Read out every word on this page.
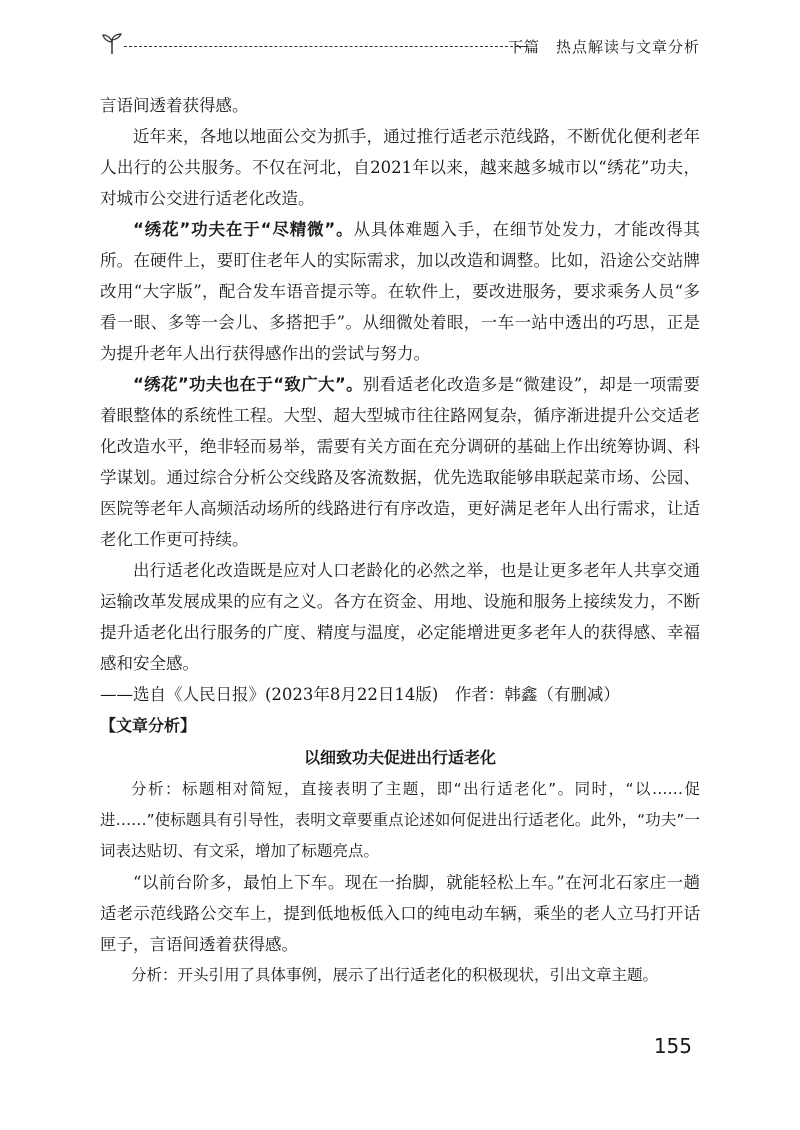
下篇　热点解读与文章分析

言语间透着获得感。

近年来，各地以地面公交为抓手，通过推行适老示范线路，不断优化便利老年人出行的公共服务。不仅在河北，自2021年以来，越来越多城市以“绣花”功夫，对城市公交进行适老化改造。

“绣花”功夫在于“尽精微”。从具体难题入手，在细节处发力，才能改得其所。在硬件上，要盯住老年人的实际需求，加以改造和调整。比如，沿途公交站牌改用“大字版”，配合发车语音提示等。在软件上，要改进服务，要求乘务人员“多看一眼、多等一会儿、多搭把手”。从细微处着眼，一车一站中透出的巧思，正是为提升老年人出行获得感作出的尝试与努力。

“绣花”功夫也在于“致广大”。别看适老化改造多是“微建设”，却是一项需要着眼整体的系统性工程。大型、超大型城市往往路网复杂，循序渐进提升公交适老化改造水平，绝非轻而易举，需要有关方面在充分调研的基础上作出统筹协调、科学谋划。通过综合分析公交线路及客流数据，优先选取能够串联起菜市场、公园、医院等老年人高频活动场所的线路进行有序改造，更好满足老年人出行需求，让适老化工作更可持续。

出行适老化改造既是应对人口老龄化的必然之举，也是让更多老年人共享交通运输改革发展成果的应有之义。各方在资金、用地、设施和服务上接续发力，不断提升适老化出行服务的广度、精度与温度，必定能增进更多老年人的获得感、幸福感和安全感。

——选自《人民日报》(2023年8月22日14版)　作者：韩鑫（有删减）

【文章分析】
以细致功夫促进出行适老化

分析：标题相对简短，直接表明了主题，即“出行适老化”。同时，“以……促进……”使标题具有引导性，表明文章要重点论述如何促进出行适老化。此外，“功夫”一词表达贴切、有文采，增加了标题亮点。

“以前台阶多，最怕上下车。现在一抬脚，就能轻松上车。”在河北石家庄一趟适老示范线路公交车上，提到低地板低入口的纯电动车辆，乘坐的老人立马打开话匣子，言语间透着获得感。

分析：开头引用了具体事例，展示了出行适老化的积极现状，引出文章主题。

155
